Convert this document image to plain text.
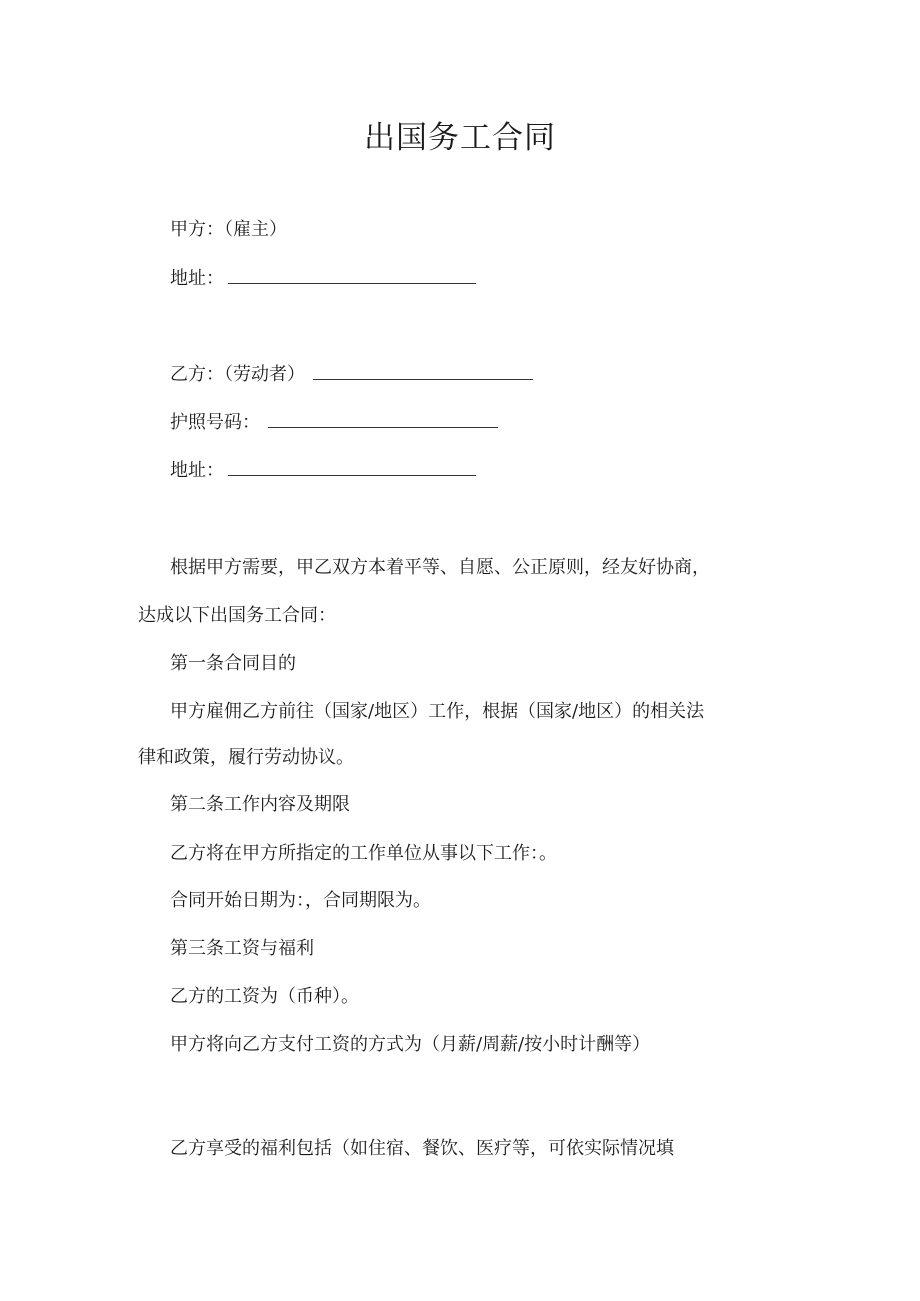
出国务工合同

甲方：（雇主）

地址：

乙方：（劳动者）

护照号码：

地址：

根据甲方需要，甲乙双方本着平等、自愿、公正原则，经友好协商，

达成以下出国务工合同：

第一条合同目的

甲方雇佣乙方前往（国家/地区）工作，根据（国家/地区）的相关法

律和政策，履行劳动协议。

第二条工作内容及期限

乙方将在甲方所指定的工作单位从事以下工作：。

合同开始日期为：，合同期限为。

第三条工资与福利

乙方的工资为（币种）。

甲方将向乙方支付工资的方式为（月薪/周薪/按小时计酬等）

乙方享受的福利包括（如住宿、餐饮、医疗等，可依实际情况填
